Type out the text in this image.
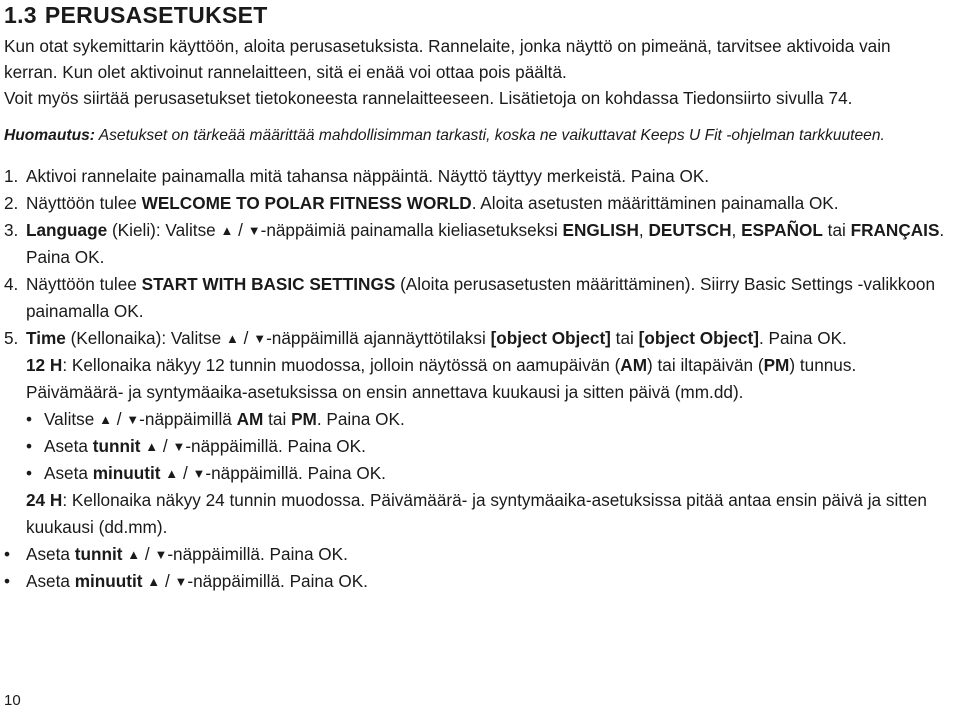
1.3 PERUSASETUKSET

Kun otat sykemittarin käyttöön, aloita perusasetuksista. Rannelaite, jonka näyttö on pimeänä, tarvitsee aktivoida vain

kerran. Kun olet aktivoinut rannelaitteen, sitä ei enää voi ottaa pois päältä.

Voit myös siirtää perusasetukset tietokoneesta rannelaitteeseen. Lisätietoja on kohdassa Tiedonsiirto sivulla 74.

Huomautus: Asetukset on tärkeää määrittää mahdollisimman tarkasti, koska ne vaikuttavat Keeps U Fit -ohjelman tarkkuuteen.
1. Aktivoi rannelaite painamalla mitä tahansa näppäintä. Näyttö täyttyy merkeistä. Paina OK.
2. Näyttöön tulee WELCOME TO POLAR FITNESS WORLD. Aloita asetusten määrittäminen painamalla OK.
3. Language (Kieli): Valitse ▲ / ▼-näppäimiä painamalla kieliasetukseksi ENGLISH, DEUTSCH, ESPAÑOL tai FRANÇAIS.
Paina OK.
4. Näyttöön tulee START WITH BASIC SETTINGS (Aloita perusasetusten määrittäminen). Siirry Basic Settings -valikkoon
painamalla OK.
5. Time (Kellonaika): Valitse ▲ / ▼-näppäimillä ajannäyttötilaksi [object Object] tai [object Object]. Paina OK.
12 H: Kellonaika näkyy 12 tunnin muodossa, jolloin näytössä on aamupäivän (AM) tai iltapäivän (PM) tunnus.
Päivämäärä- ja syntymäaika-asetuksissa on ensin annettava kuukausi ja sitten päivä (mm.dd).
• Valitse ▲ / ▼-näppäimillä AM tai PM. Paina OK.
• Aseta tunnit ▲ / ▼-näppäimillä. Paina OK.
• Aseta minuutit ▲ / ▼-näppäimillä. Paina OK.
24 H: Kellonaika näkyy 24 tunnin muodossa. Päivämäärä- ja syntymäaika-asetuksissa pitää antaa ensin päivä ja sitten
kuukausi (dd.mm).
• Aseta tunnit ▲ / ▼-näppäimillä. Paina OK.
• Aseta minuutit ▲ / ▼-näppäimillä. Paina OK.
10
